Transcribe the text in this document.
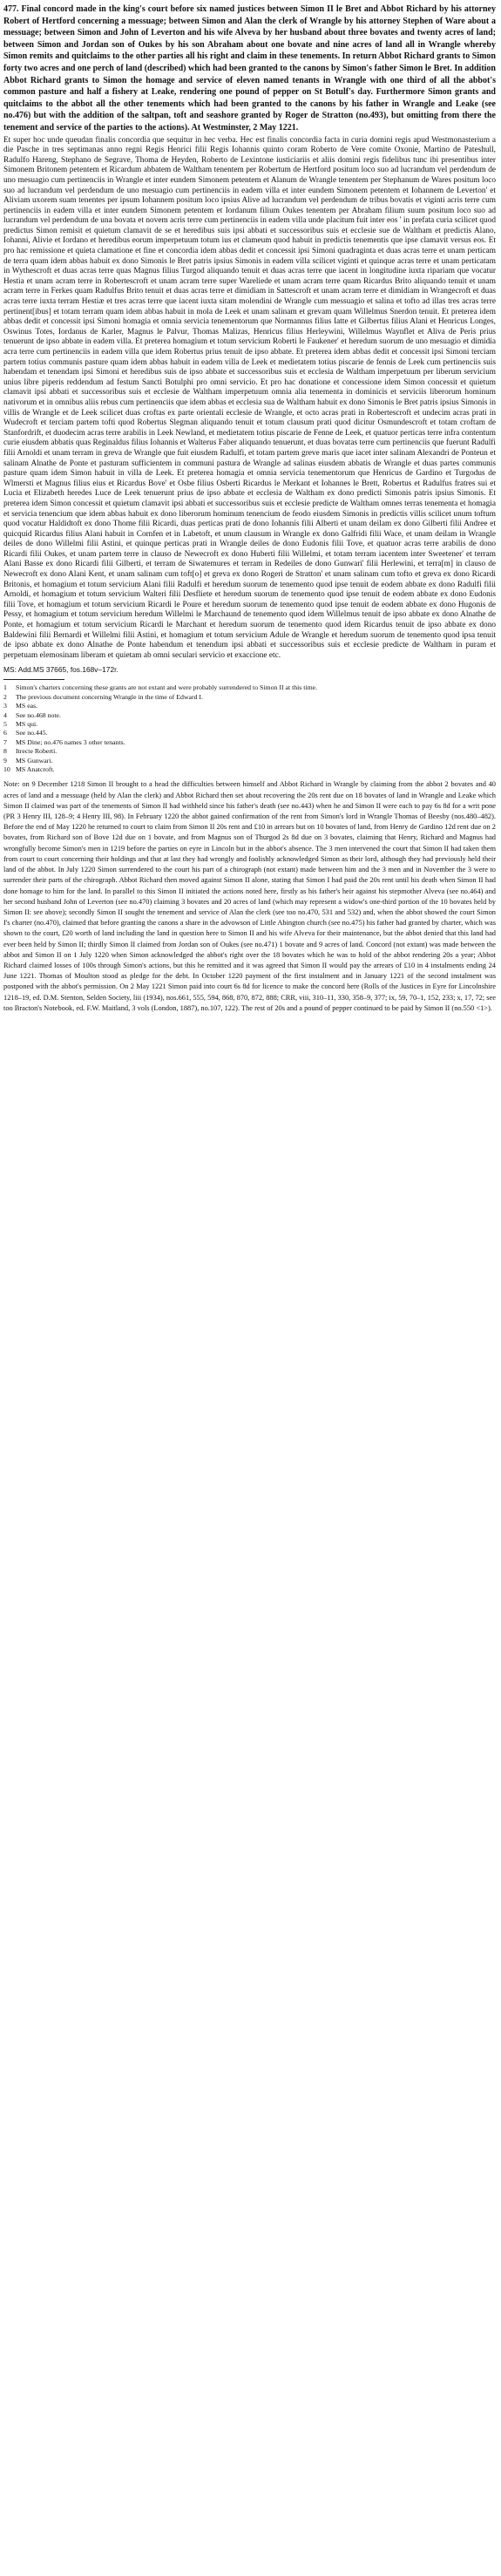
477. Final concord made in the king's court before six named justices between Simon II le Bret and Abbot Richard by his attorney Robert of Hertford concerning a messuage; between Simon and Alan the clerk of Wrangle by his attorney Stephen of Ware about a messuage; between Simon and John of Leverton and his wife Alveva by her husband about three bovates and twenty acres of land; between Simon and Jordan son of Oukes by his son Abraham about one bovate and nine acres of land all in Wrangle whereby Simon remits and quitclaims to the other parties all his right and claim in these tenements. In return Abbot Richard grants to Simon forty two acres and one perch of land (described) which had been granted to the canons by Simon's father Simon le Bret. In addition Abbot Richard grants to Simon the homage and service of eleven named tenants in Wrangle with one third of all the abbot's common pasture and half a fishery at Leake, rendering one pound of pepper on St Botulf's day. Furthermore Simon grants and quitclaims to the abbot all the other tenements which had been granted to the canons by his father in Wrangle and Leake (see no.476) but with the addition of the saltpan, toft and seashore granted by Roger de Stratton (no.493), but omitting from there the tenement and service of the parties to the actions). At Westminster, 2 May 1221.

Et super hoc unde queudan finalis concordia que sequitur in hec verba. Hec est finalis concordia facta in curia domini regis apud Westmonasterium a die Pasche in tres septimanas anno regni Regis Henrici filii Regis Iohannis quinto coram Roberto de Vere comite Oxonie, Martino de Pateshull, Radulfo Hareng, Stephano de Segrave, Thoma de Heyden, Roberto de Lexintone iusticiariis et aliis domini regis fidelibus tunc ibi presentibus inter Simonem Britonem petentem et Ricardum abbatem de Waltham tenentem per Robertum de Hertford positum loco suo ad lucrandum vel perdendum de uno mesuagio cum pertinenciis in Wrangle et inter eundem Simonem petentem et Alanum de Wrangle tenentem per Stephanum de Wares positum loco suo ad lucrandum vel perdendum de uno mesuagio cum pertinenciis in eadem villa et inter eundem Simonem petentem et Iohannem de Leverton' et Aliviam uxorem suam tenentes per ipsum Iohannem positum loco ipsius Alive ad lucrandum vel perdendum de tribus bovatis et viginti acris terre cum pertinenciis in eadem villa et inter eundem Simonem petentem et Iordanum filium Oukes tenentem per Abraham filium suum positum loco suo ad lucrandum vel perdendum de una bovata et novem acris terre cum pertinenciis in eadem villa unde placitum fuit inter eos ' in prefata curia scilicet quod predictus Simon remisit et quietum clamavit de se et heredibus suis ipsi abbati et successoribus suis et ecclesie sue de Waltham et predictis Alano, Iohanni, Alivie et Iordano et heredibus eorum imperpetuum totum ius et clameum quod habuit in predictis tenementis que ipse clamavit versus eos. Et pro hac remissione et quieta clamatione et fine et concordia idem abbas dedit et concessit ipsi Simoni quadraginta et duas acras terre et unam perticam de terra quam idem abbas habuit ex dono Simonis le Bret patris ipsius Simonis in eadem villa scilicet viginti et quinque acras terre et unam perticatam in Wythescroft et duas acras terre quas Magnus filius Turgod aliquando tenuit et duas acras terre que iacent in longitudine iuxta ripariam que vocatur Hestia et unam acram terre in Robertescroft et unam acram terre super Wareliede et unam acram terre quam Ricardus Brito aliquando tenuit et unam acram terre in Ferkes quam Radulfus Brito tenuit et duas acras terre et dimidiam in Sattescroft et unam acram terre et dimidiam in Wrangecroft et duas acras terre iuxta terram Hestiæ et tres acras terre que iacent iuxta sitam molendini de Wrangle cum messuagio et salina et tofto ad illas tres acras terre pertinent[ibus] et totam terram quam idem abbas habuit in mola de Leek et unam salinam et grevam quam Willelmus Snerdon tenuit. Et preterea idem abbas dedit et concessit ipsi Simoni homagia et omnia servicia tenementorum que Normannus filius Iatte et Gilbertus filius Alani et Henricus Longes, Oswinus Totes, Iordanus de Karler, Magnus le Palvur, Thomas Malizas, Henricus filius Herleywini, Willelmus Waynflet et Aliva de Peris prius tenuerunt de ipso abbate in eadem villa. Et preterea homagium et totum servicium Roberti le Faukener' et heredum suorum de uno mesuagio et dimidia acra terre cum pertinenciis in eadem villa que idem Robertus prius tenuit de ipso abbate. Et preterea idem abbas dedit et concessit ipsi Simoni terciam partem totius communis pasture quam idem abbas habuit in eadem villa de Leek et medietatem totius piscarie de fennis de Leek cum pertinenciis suis habendam et tenendam ipsi Simoni et heredibus suis de ipso abbate et successoribus suis et ecclesia de Waltham imperpetuum per liberum servicium unius libre piperis reddendum ad festum Sancti Botulphi pro omni servicio. Et pro hac donatione et concessione idem Simon concessit et quietum clamavit ipsi abbati et successoribus suis et ecclesie de Waltham imperpetuum omnia alia tenementa in dominicis et serviciis liberorum hominum nativorum et in omnibus aliis rebus cum pertinenciis que idem abbas et ecclesia sua de Waltham habuit ex dono Simonis le Bret patris ipsius Simonis in villis de Wrangle et de Leek scilicet duas croftas ex parte orientali ecclesie de Wrangle, et octo acras prati in Robertescroft et undecim acras prati in Wudecroft et terciam partem tofti quod Robertus Slegman aliquando tenuit et totum clausum prati quod dicitur Osmundescroft et totam croftam de Stanfordrift, et duodecim acras terre arabilis in Leek Newland, et medietatem totius piscarie de Fenne de Leek, et quatuor perticas terre infra contentum curie eiusdem abbatis quas Reginaldus filius Iohannis et Walterus Faber aliquando tenuerunt, et duas bovatas terre cum pertinenciis que fuerunt Radulfi filii Arnoldi et unam terram in greva de Wrangle que fuit eiusdem Radulfi, et totam partem greve maris que iacet inter salinam Alexandri de Ponteun et salinam Alnathe de Ponte et pasturam sufficientem in communi pastura de Wrangle ad salinas eiusdem abbatis de Wrangle et duas partes communis pasture quam idem Simon habuit in villa de Leek. Et preterea homagia et omnia servicia tenementorum que Henricus de Gardino et Turgodus de Wlmersti et Magnus filius eius et Ricardus Bove' et Osbe filius Osberti Ricardus le Merkant et Iohannes le Brett, Robertus et Radulfus fratres sui et Lucia et Elizabeth heredes Luce de Leek tenuerunt prius de ipso abbate et ecclesia de Waltham ex dono predicti Simonis patris ipsius Simonis. Et preterea idem Simon concessit et quietum clamavit ipsi abbati et successoribus suis et ecclesie predicte de Waltham omnes terras tenementa et homagia et servicia tenencium que idem abbas habuit ex dono liberorum hominum tenencium de feodo eiusdem Simonis in predictis villis scilicet unum toftum quod vocatur Haldidtoft ex dono Thome filii Ricardi, duas perticas prati de dono Iohannis filii Alberti et unam deilam ex dono Gilberti filii Andree et quicquid Ricardus filius Alani habuit in Cornfen et in Labetoft, et unum clausum in Wrangle ex dono Galfridi filii Wace, et unam deilam in Wrangle deiles de dono Willelmi filii Astini, et quinque perticas prati in Wrangle deiles de dono Eudonis filii Tove, et quatuor acras terre arabilis de dono Ricardi filii Oukes, et unam partem terre in clauso de Newecroft ex dono Huberti filii Willelmi, et totam terram iacentem inter Sweetener' et terram Alani Basse ex dono Ricardi filii Gilberti, et terram de Siwatemures et terram in Redeiles de dono Gunwari' filii Herlewini, et terra[m] in clauso de Newecroft ex dono Alani Kent, et unam salinam cum toft[o] et greva ex dono Rogeri de Stratton' et unam salinam cum tofto et greva ex dono Ricardi Britonis, et homagium et totum servicium Alani filii Radulfi et heredum suorum de tenemento quod ipse tenuit de eodem abbate ex dono Radulfi filii Arnoldi, et homagium et totum servicium Walteri filii Desfliete et heredum suorum de tenemento quod ipse tenuit de eodem abbate ex dono Eudonis filii Tove, et homagium et totum servicium Ricardi le Poure et heredum suorum de tenemento quod ipse tenuit de eodem abbate ex dono Hugonis de Pessy, et homagium et totum servicium heredum Willelmi le Marchaund de tenemento quod idem Willelmus tenuit de ipso abbate ex dono Alnathe de Ponte, et homagium et totum servicium Ricardi le Marchant et heredum suorum de tenemento quod idem Ricardus tenuit de ipso abbate ex dono Baldewini filii Bernardi et Willelmi filii Astini, et homagium et totum servicium Adule de Wrangle et heredum suorum de tenemento quod ipsa tenuit de ipso abbate ex dono Alnathe de Ponte habendum et tenendum ipsi abbati et successoribus suis et ecclesie predicte de Waltham in puram et perpetuam elemosinam liberam et quietam ab omni seculari servicio et exaccione etc.

MS: Add.MS 37665, fos.168v–172r.

1	Simon's charters concerning these grants are not extant and were probably surrendered to Simon II at this time.
2	The previous document concerning Wrangle in the time of Edward I.
3	MS eas.
4	See no.468 note.
5	MS qui.
6	See no.445.
7	MS Dine; no.476 names 3 other tenants.
8	Itrecte Roberti.
9	MS Gunwari.
10 MS Anatcroft.

Note: on 9 December 1218 Simon II brought to a head the difficulties between himself and Abbot Richard in Wrangle by claiming from the abbot 2 bovates and 40 acres of land and a messuage (held by Alan the clerk) and Abbot Richard then set about recovering the 20s rent due on 18 bovates of land in Wrangle and Leake which Simon II claimed was part of the tenements of Simon II had withheld since his father's death (see no.443) when he and Simon II were each to pay 6s 8d for a writ pone (PR 3 Henry III, 128–9; 4 Henry III, 98). In February 1220 the abbot gained confirmation of the rent from Simon's lord in Wrangle Thomas of Beesby (nos.480–482). Before the end of May 1220 he returned to court to claim from Simon II 20s rent and £10 in arrears but on 10 bovates of land, from Henry de Gardino 12d rent due on 2 bovates, from Richard son of Bove 12d due on 1 bovate, and from Magnus son of Thurgod 2s 8d due on 3 bovates, claiming that Henry, Richard and Magnus had wrongfully become Simon's men in 1219 before the parties on eyre in Lincoln but in the abbot's absence. The 3 men intervened the court that Simon II had taken them from court to court concerning their holdings and that at last they had wrongly and foolishly acknowledged Simon as their lord, although they had previously held their land of the abbot. In July 1220 Simon surrendered to the court his part of a chirograph (not extant) made between him and the 3 men and in November the 3 were to surrender their parts of the chirograph. Abbot Richard then moved against Simon II alone, stating that Simon I had paid the 20s rent until his death when Simon II had done homage to him for the land. In parallel to this Simon II initiated the actions noted here, firstly as his father's heir against his stepmother Alveva (see no.464) and her second husband John of Leverton (see no.470) claiming 3 bovates and 20 acres of land (which may represent a widow's one-third portion of the 10 bovates held by Simon II: see above); secondly Simon II sought the tenement and service of Alan the clerk (see too no.470, 531 and 532) and, when the abbot showed the court Simon I's charter (no.470), claimed that before granting the canons a share in the advowson of Little Abington church (see no.475) his father had granted by charter, which was shown to the court, £20 worth of land including the land in question here to Simon II and his wife Alveva for their maintenance, but the abbot denied that this land had ever been held by Simon II; thirdly Simon II claimed from Jordan son of Oukes (see no.471) 1 bovate and 9 acres of land. Concord (not extant) was made between the abbot and Simon II on 1 July 1220 when Simon acknowledged the abbot's right over the 18 bovates which he was to hold of the abbot rendering 20s a year; Abbot Richard claimed losses of 100s through Simon's actions, but this he remitted and it was agreed that Simon II would pay the arrears of £10 in 4 instalments ending 24 June 1221. Thomas of Moulton stood as pledge for the debt. In October 1220 payment of the first instalment and in January 1221 of the second instalment was postponed with the abbot's permission. On 2 May 1221 Simon paid into court 6s 8d for licence to make the concord here (Rolls of the Justices in Eyre for Lincolnshire 1218–19, ed. D.M. Stenton, Selden Society, liii (1934), nos.661, 555, 594, 868, 870, 872, 888; CRR, viii, 310–11, 330, 358–9, 377; ix, 59, 70–1, 152, 233; x, 17, 72; see too Bracton's Notebook, ed. F.W. Maitland, 3 vols (London, 1887), no.107, 122). The rest of 20s and a pound of pepper continued to be paid by Simon II (no.550 <1>).
